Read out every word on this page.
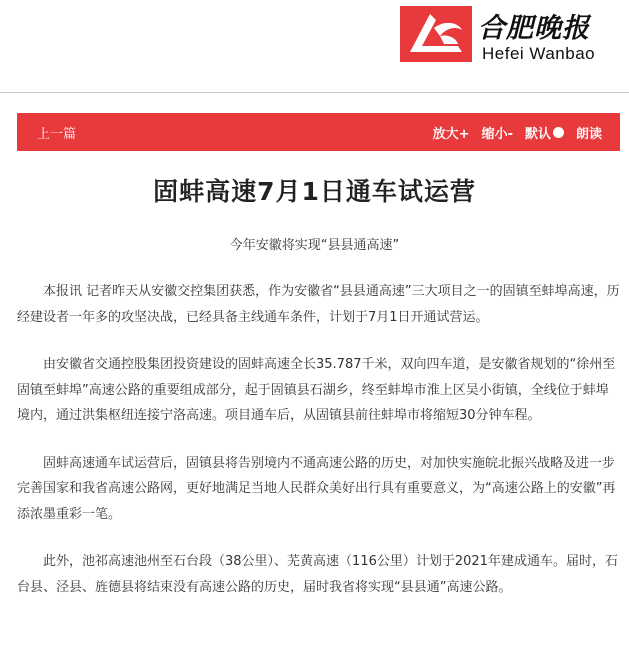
合肥晚报
Hefei Wanbao
上一篇	放大+ 缩小- 默认 朗读
固蚌高速7月1日通车试运营
今年安徽将实现“县县通高速”

本报讯 记者昨天从安徽交控集团获悉，作为安徽省“县县通高速”三大项目之一的固镇至蚌埠高速，历经建设者一年多的攻坚决战，已经具备主线通车条件，计划于7月1日开通试营运。

由安徽省交通控股集团投资建设的固蚌高速全长35.787千米，双向四车道，是安徽省规划的“徐州至固镇至蚌埠”高速公路的重要组成部分，起于固镇县石湖乡，终至蚌埠市淮上区吴小街镇，全线位于蚌埠境内，通过洪集枢纽连接宁洛高速。项目通车后，从固镇县前往蚌埠市将缩短30分钟车程。

固蚌高速通车试运营后，固镇县将告别境内不通高速公路的历史，对加快实施皖北振兴战略及进一步完善国家和我省高速公路网，更好地满足当地人民群众美好出行具有重要意义，为“高速公路上的安徽”再添浓墨重彩一笔。

此外，池祁高速池州至石台段（38公里）、芜黄高速（116公里）计划于2021年建成通车。届时，石台县、泾县、旌德县将结束没有高速公路的历史，届时我省将实现“县县通”高速公路。
